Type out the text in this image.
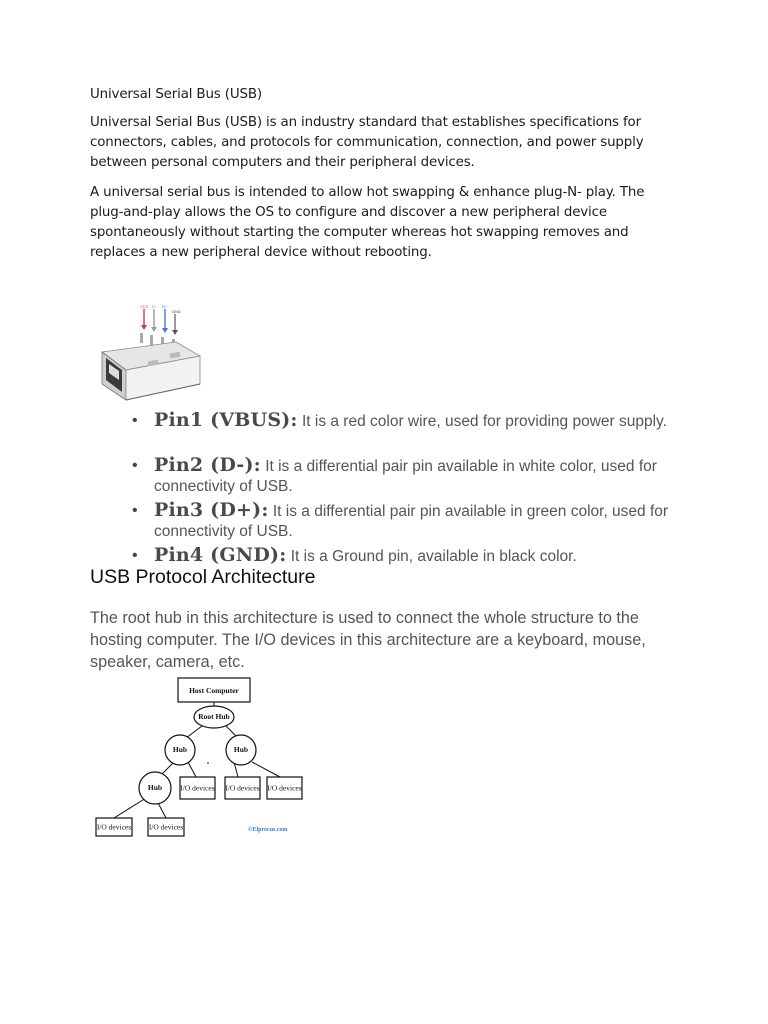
Universal Serial Bus (USB)
Universal Serial Bus (USB) is an industry standard that establishes specifications for connectors, cables, and protocols for communication, connection, and power supply between personal computers and their peripheral devices.
A universal serial bus is intended to allow hot swapping & enhance plug-N- play. The plug-and-play allows the OS to configure and discover a new peripheral device spontaneously without starting the computer whereas hot swapping removes and replaces a new peripheral device without rebooting.
VCC D- D+
GND
• Pin1 (VBUS): It is a red color wire, used for providing power supply.
• Pin2 (D-): It is a differential pair pin available in white color, used for connectivity of USB.
• Pin3 (D+): It is a differential pair pin available in green color, used for connectivity of USB.
• Pin4 (GND): It is a Ground pin, available in black color.
USB Protocol Architecture
The root hub in this architecture is used to connect the whole structure to the hosting computer. The I/O devices in this architecture are a keyboard, mouse, speaker, camera, etc.
Host Computer
Root Hub
Hub	Hub
Hub I/O devices I/O devices I/O devices
I/O devices I/O devices	©Elprocus.com
